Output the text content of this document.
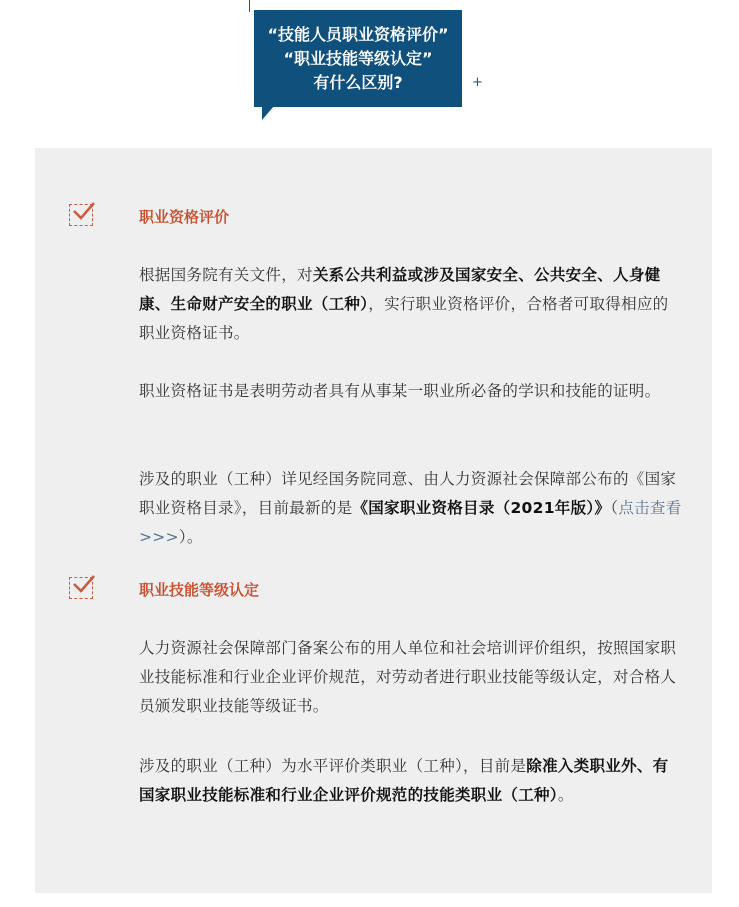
“技能人员职业资格评价”
“职业技能等级认定”
有什么区别?	+
职业资格评价
根据国务院有关文件，对关系公共利益或涉及国家安全、公共安全、人身健康、生命财产安全的职业（工种），实行职业资格评价，合格者可取得相应的职业资格证书。
职业资格证书是表明劳动者具有从事某一职业所必备的学识和技能的证明。
涉及的职业（工种）详见经国务院同意、由人力资源社会保障部公布的《国家职业资格目录》，目前最新的是《国家职业资格目录（2021年版）》（点击查看>>>）。
职业技能等级认定
人力资源社会保障部门备案公布的用人单位和社会培训评价组织，按照国家职业技能标准和行业企业评价规范，对劳动者进行职业技能等级认定，对合格人员颁发职业技能等级证书。
涉及的职业（工种）为水平评价类职业（工种），目前是除准入类职业外、有国家职业技能标准和行业企业评价规范的技能类职业（工种）。
